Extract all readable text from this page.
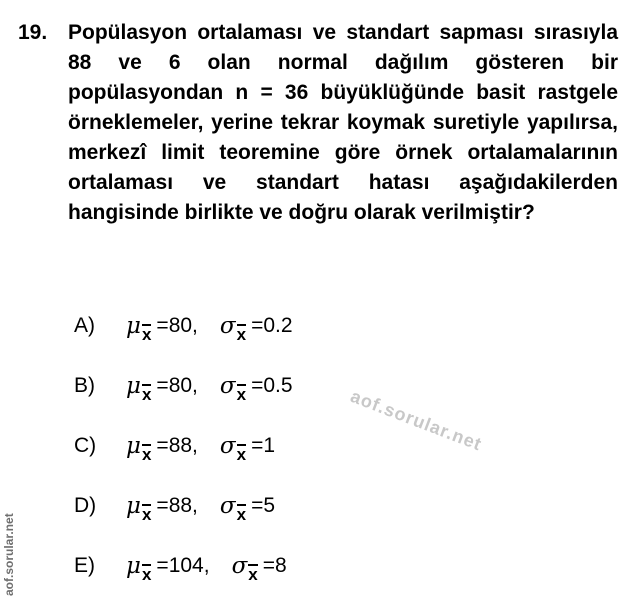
19. Popülasyon ortalaması ve standart sapması sırasıyla 88 ve 6 olan normal dağılım gösteren bir popülasyondan n = 36 büyüklüğünde basit rastgele örneklemeler, yerine tekrar koymak suretiyle yapılırsa, merkezî limit teoremine göre örnek ortalamalarının ortalaması ve standart hatası aşağıdakilerden hangisinde birlikte ve doğru olarak verilmiştir?
A)	μ x = 80 , σ x = 0.2
B)	μ x = 80 , σ x = 0.5
C)	μ x = 88 , σ x = 1
D)	μ x = 88 , σ x = 5
E)	μ x = 104 , σ x = 8
aof.sorular.net
aof.sorular.net
